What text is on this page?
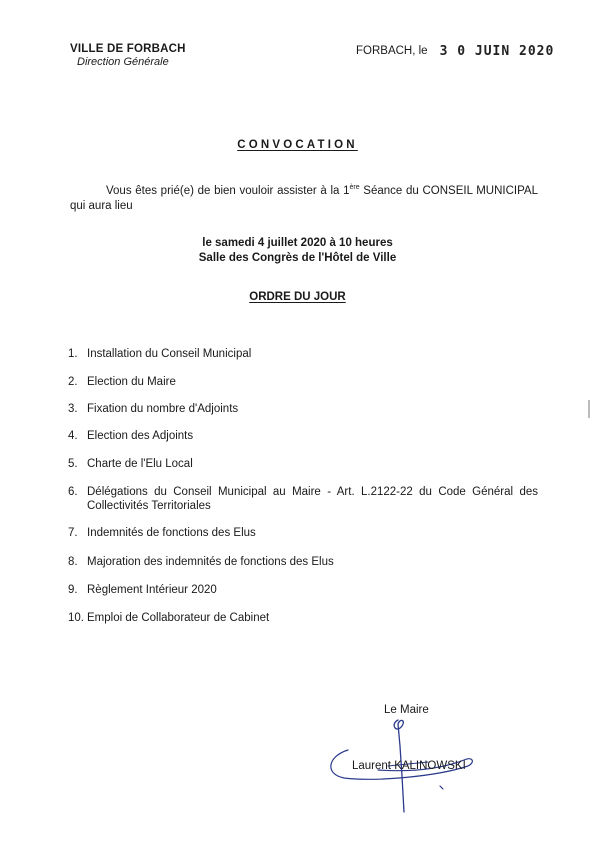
VILLE DE FORBACH
Direction Générale
FORBACH, le 3 0 JUIN 2020
CONVOCATION
Vous êtes prié(e) de bien vouloir assister à la 1ère Séance du CONSEIL MUNICIPAL qui aura lieu
le samedi 4 juillet 2020 à 10 heures
Salle des Congrès de l'Hôtel de Ville
ORDRE DU JOUR
1. Installation du Conseil Municipal
2. Election du Maire
3. Fixation du nombre d'Adjoints
4. Election des Adjoints
5. Charte de l'Elu Local
6. Délégations du Conseil Municipal au Maire - Art. L.2122-22 du Code Général des Collectivités Territoriales
7. Indemnités de fonctions des Elus
8. Majoration des indemnités de fonctions des Elus
9. Règlement Intérieur 2020
10. Emploi de Collaborateur de Cabinet
Le Maire
Laurent KALINOWSKI
